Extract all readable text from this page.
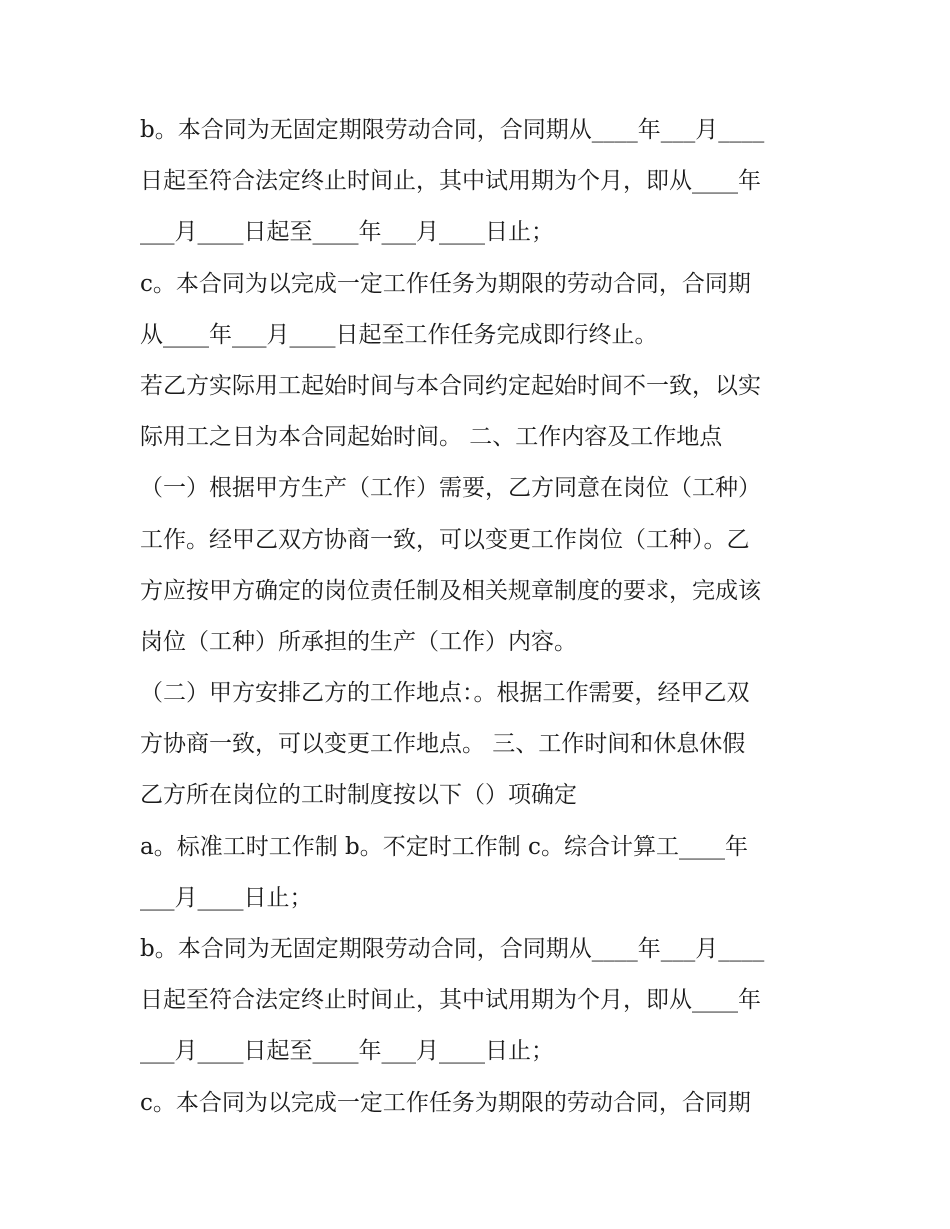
b。本合同为无固定期限劳动合同，合同期从____年___月____
日起至符合法定终止时间止，其中试用期为个月，即从____年
___月____日起至____年___月____日止；
c。本合同为以完成一定工作任务为期限的劳动合同，合同期
从____年___月____日起至工作任务完成即行终止。
若乙方实际用工起始时间与本合同约定起始时间不一致，以实
际用工之日为本合同起始时间。 二、工作内容及工作地点
（一）根据甲方生产（工作）需要，乙方同意在岗位（工种）
工作。经甲乙双方协商一致，可以变更工作岗位（工种）。乙
方应按甲方确定的岗位责任制及相关规章制度的要求，完成该
岗位（工种）所承担的生产（工作）内容。
（二）甲方安排乙方的工作地点：。根据工作需要，经甲乙双
方协商一致，可以变更工作地点。 三、工作时间和休息休假
乙方所在岗位的工时制度按以下（）项确定
a。标准工时工作制 b。不定时工作制 c。综合计算工____年
___月____日止；
b。本合同为无固定期限劳动合同，合同期从____年___月____
日起至符合法定终止时间止，其中试用期为个月，即从____年
___月____日起至____年___月____日止；
c。本合同为以完成一定工作任务为期限的劳动合同，合同期
